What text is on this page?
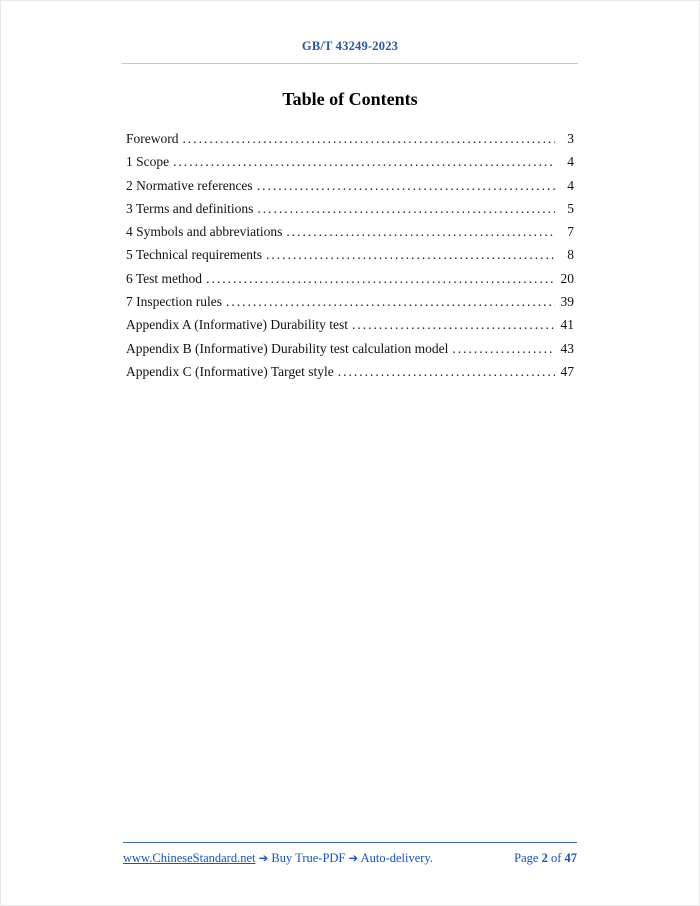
GB/T 43249-2023
Table of Contents
Foreword .....	3
1 Scope .....	4
2 Normative references .....	4
3 Terms and definitions .....	5
4 Symbols and abbreviations .....	7
5 Technical requirements .....	8
6 Test method .....	20
7 Inspection rules .....	39
Appendix A (Informative) Durability test .....	41
Appendix B (Informative) Durability test calculation model .....	43
Appendix C (Informative) Target style .....	47
www.ChineseStandard.net ➔ Buy True-PDF ➔ Auto-delivery.	Page 2 of 47
